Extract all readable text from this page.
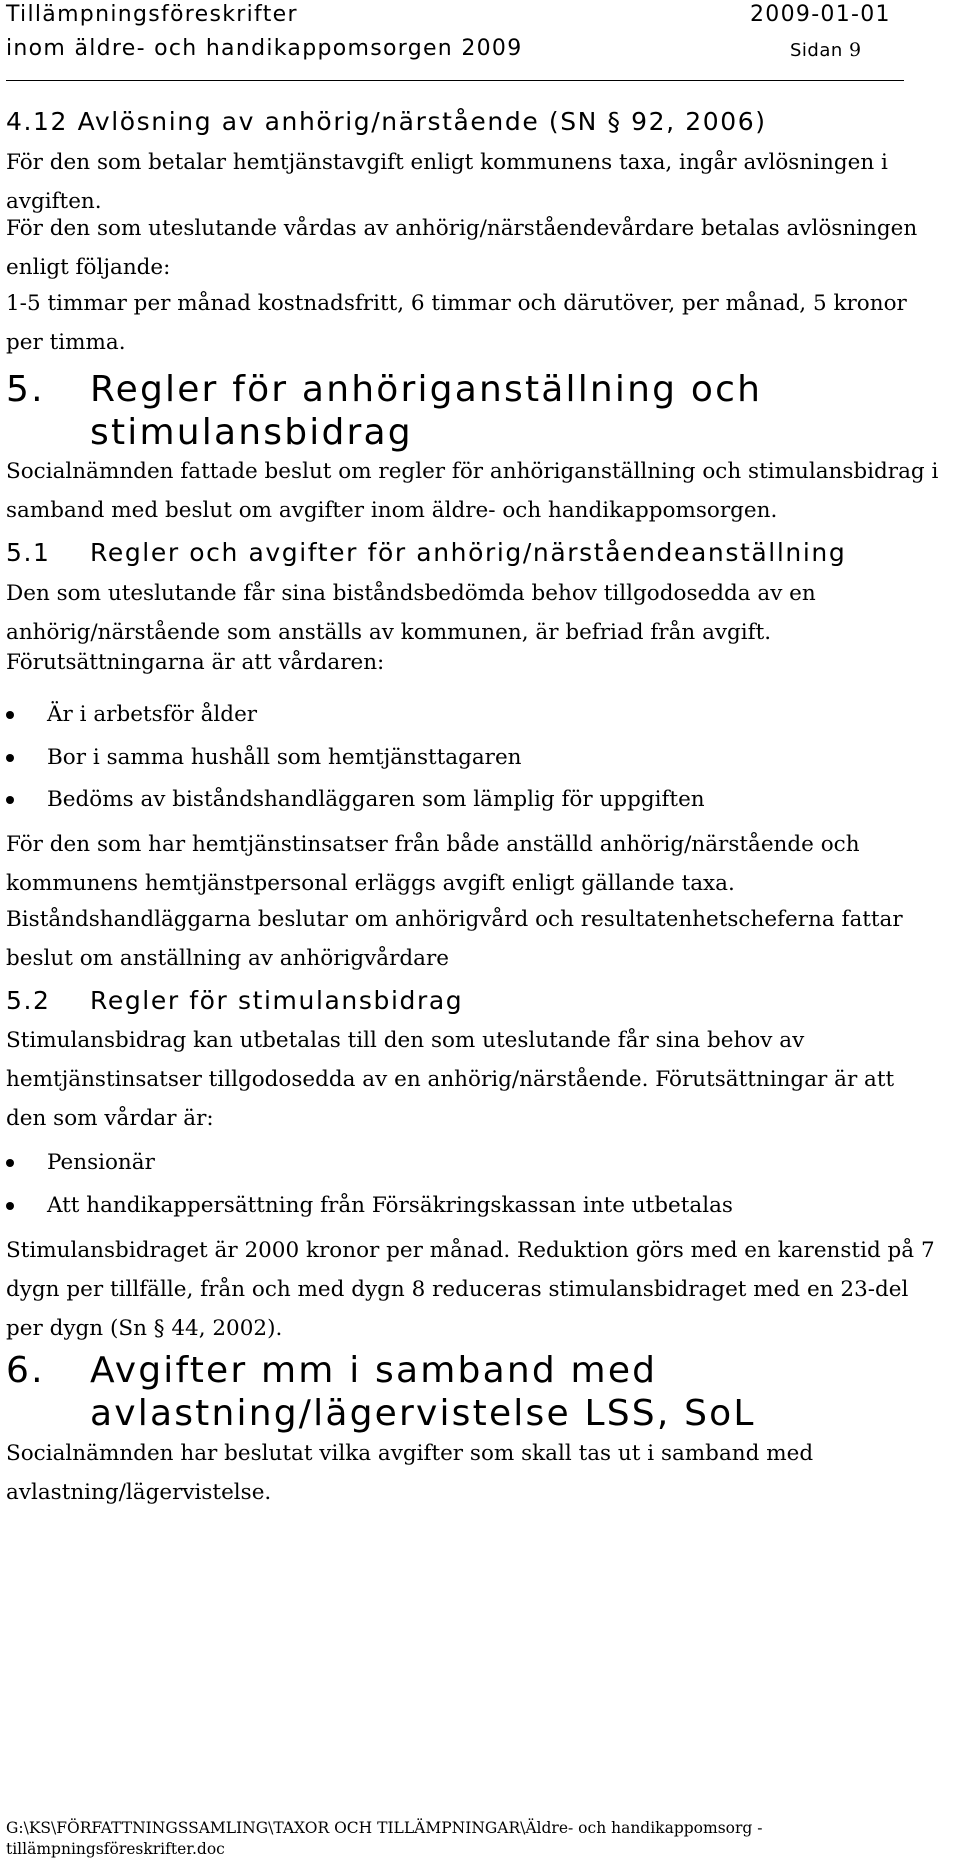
Tillämpningsföreskrifter	2009-01-01
inom äldre- och handikappomsorgen 2009	Sidan 9
4.12 Avlösning av anhörig/närstående (SN § 92, 2006)
För den som betalar hemtjänstavgift enligt kommunens taxa, ingår avlösningen i
avgiften.
För den som uteslutande vårdas av anhörig/närståendevårdare betalas avlösningen
enligt följande:
1-5 timmar per månad kostnadsfritt, 6 timmar och därutöver, per månad, 5 kronor
per timma.
5. Regler för anhöriganställning och
stimulansbidrag
Socialnämnden fattade beslut om regler för anhöriganställning och stimulansbidrag i
samband med beslut om avgifter inom äldre- och handikappomsorgen.
5.1 Regler och avgifter för anhörig/närståendeanställning
Den som uteslutande får sina biståndsbedömda behov tillgodosedda av en
anhörig/närstående som anställs av kommunen, är befriad från avgift.
Förutsättningarna är att vårdaren:
Är i arbetsför ålder
Bor i samma hushåll som hemtjänsttagaren
Bedöms av biståndshandläggaren som lämplig för uppgiften
För den som har hemtjänstinsatser från både anställd anhörig/närstående och
kommunens hemtjänstpersonal erläggs avgift enligt gällande taxa.
Biståndshandläggarna beslutar om anhörigvård och resultatenhetscheferna fattar
beslut om anställning av anhörigvårdare
5.2 Regler för stimulansbidrag
Stimulansbidrag kan utbetalas till den som uteslutande får sina behov av
hemtjänstinsatser tillgodosedda av en anhörig/närstående. Förutsättningar är att
den som vårdar är:
Pensionär
Att handikappersättning från Försäkringskassan inte utbetalas
Stimulansbidraget är 2000 kronor per månad. Reduktion görs med en karenstid på 7
dygn per tillfälle, från och med dygn 8 reduceras stimulansbidraget med en 23-del
per dygn (Sn § 44, 2002).
6. Avgifter mm i samband med
avlastning/lägervistelse LSS, SoL
Socialnämnden har beslutat vilka avgifter som skall tas ut i samband med
avlastning/lägervistelse.
G:\KS\FÖRFATTNINGSSAMLING\TAXOR OCH TILLÄMPNINGAR\Äldre- och handikappomsorg -
tillämpningsföreskrifter.doc
